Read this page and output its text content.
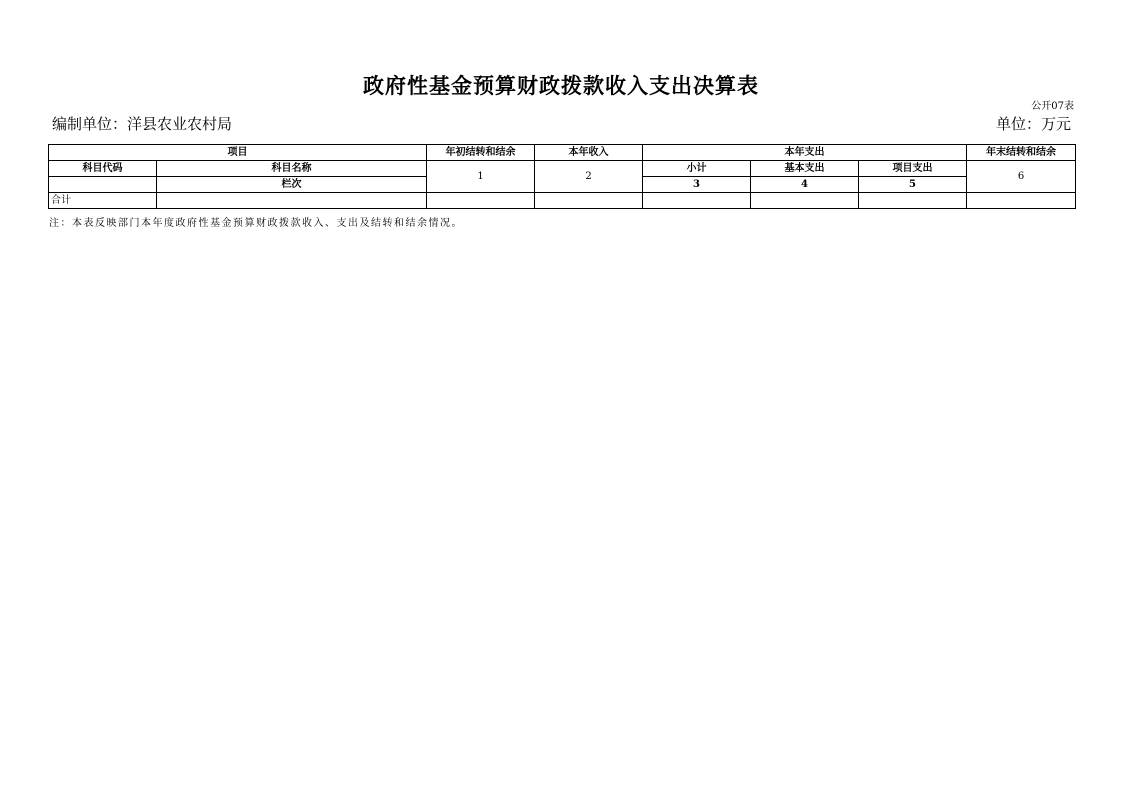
政府性基金预算财政拨款收入支出决算表
公开07表
编制单位：洋县农业农村局	单位：万元
项目		年初结转和结余	本年收入	本年支出			年末结转和结余
科目代码	科目名称	1	2	小计	基本支出	项目支出	6
	栏次			3	4	5	
合计							
注：本表反映部门本年度政府性基金预算财政拨款收入、支出及结转和结余情况。
